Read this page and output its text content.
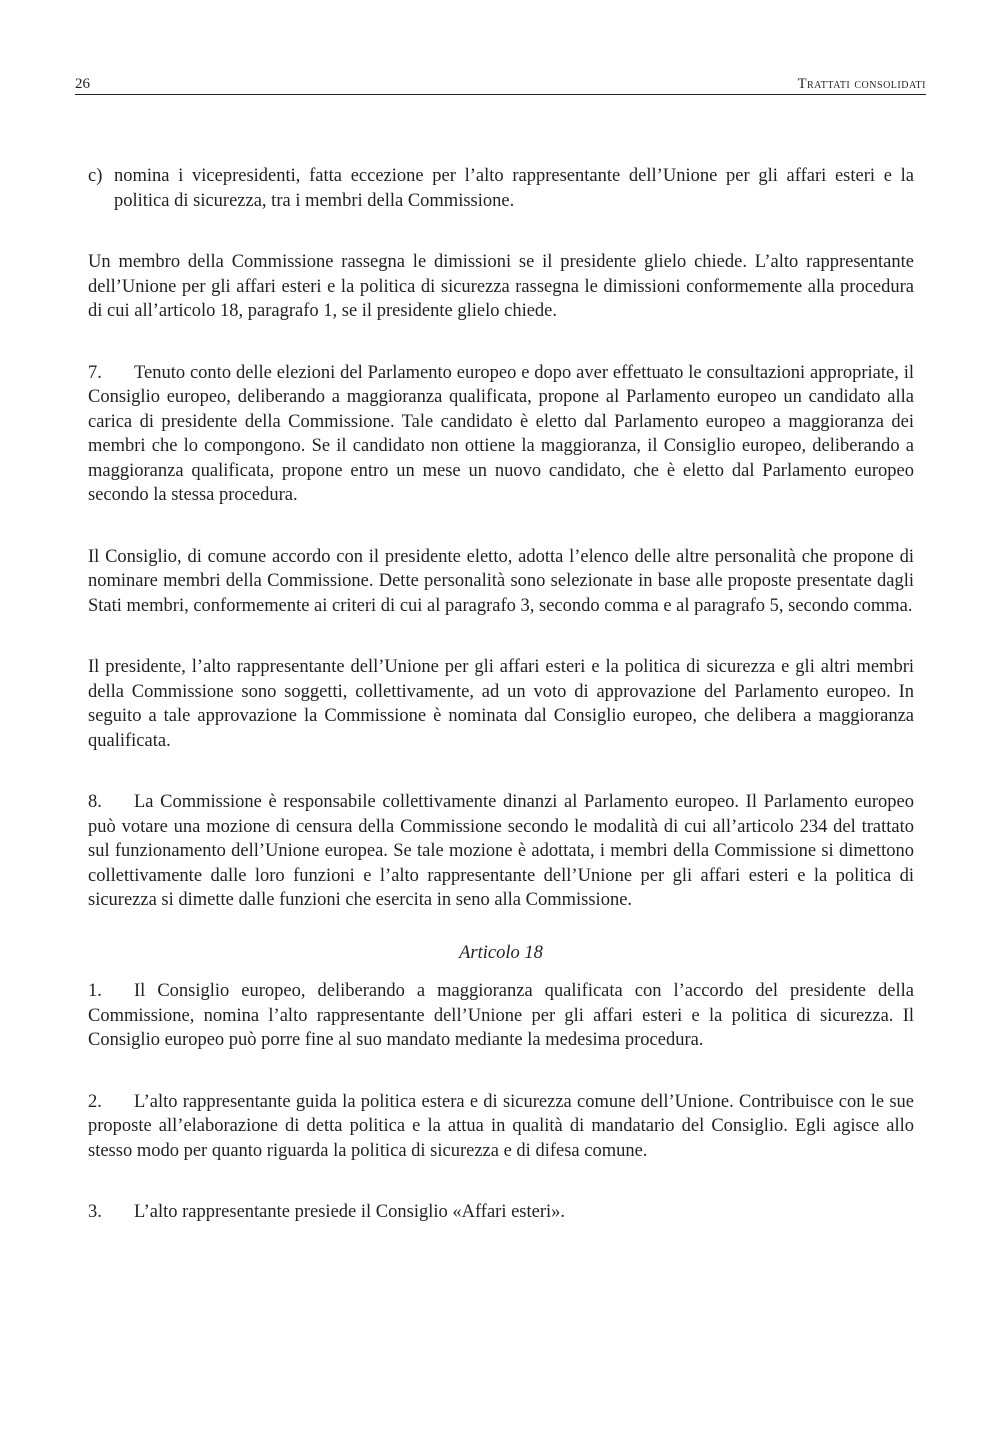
26	Trattati consolidati

c) nomina i vicepresidenti, fatta eccezione per l’alto rappresentante dell’Unione per gli affari esteri e la politica di sicurezza, tra i membri della Commissione.

Un membro della Commissione rassegna le dimissioni se il presidente glielo chiede. L’alto rappresentante dell’Unione per gli affari esteri e la politica di sicurezza rassegna le dimissioni conformemente alla procedura di cui all’articolo 18, paragrafo 1, se il presidente glielo chiede.

7. Tenuto conto delle elezioni del Parlamento europeo e dopo aver effettuato le consultazioni appropriate, il Consiglio europeo, deliberando a maggioranza qualificata, propone al Parlamento europeo un candidato alla carica di presidente della Commissione. Tale candidato è eletto dal Parlamento europeo a maggioranza dei membri che lo compongono. Se il candidato non ottiene la maggioranza, il Consiglio europeo, deliberando a maggioranza qualificata, propone entro un mese un nuovo candidato, che è eletto dal Parlamento europeo secondo la stessa procedura.

Il Consiglio, di comune accordo con il presidente eletto, adotta l’elenco delle altre personalità che propone di nominare membri della Commissione. Dette personalità sono selezionate in base alle proposte presentate dagli Stati membri, conformemente ai criteri di cui al paragrafo 3, secondo comma e al paragrafo 5, secondo comma.

Il presidente, l’alto rappresentante dell’Unione per gli affari esteri e la politica di sicurezza e gli altri membri della Commissione sono soggetti, collettivamente, ad un voto di approvazione del Parlamento europeo. In seguito a tale approvazione la Commissione è nominata dal Consiglio europeo, che delibera a maggioranza qualificata.

8. La Commissione è responsabile collettivamente dinanzi al Parlamento europeo. Il Parlamento europeo può votare una mozione di censura della Commissione secondo le modalità di cui all’articolo 234 del trattato sul funzionamento dell’Unione europea. Se tale mozione è adottata, i membri della Commissione si dimettono collettivamente dalle loro funzioni e l’alto rappresentante dell’Unione per gli affari esteri e la politica di sicurezza si dimette dalle funzioni che esercita in seno alla Commissione.

Articolo 18

1. Il Consiglio europeo, deliberando a maggioranza qualificata con l’accordo del presidente della Commissione, nomina l’alto rappresentante dell’Unione per gli affari esteri e la politica di sicurezza. Il Consiglio europeo può porre fine al suo mandato mediante la medesima procedura.

2. L’alto rappresentante guida la politica estera e di sicurezza comune dell’Unione. Contribuisce con le sue proposte all’elaborazione di detta politica e la attua in qualità di mandatario del Consiglio. Egli agisce allo stesso modo per quanto riguarda la politica di sicurezza e di difesa comune.

3. L’alto rappresentante presiede il Consiglio «Affari esteri».
